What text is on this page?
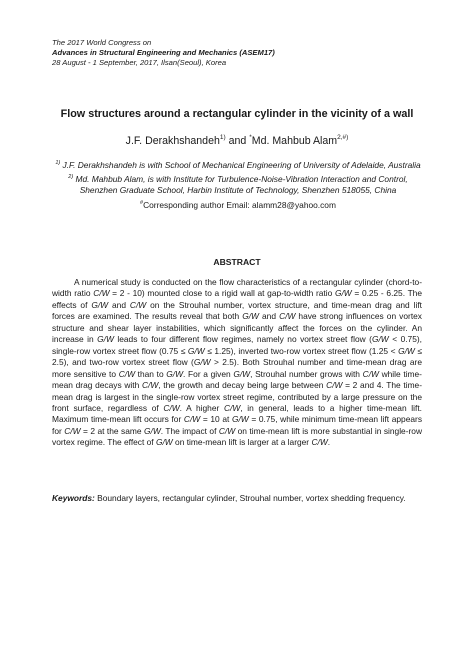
The 2017 World Congress on
Advances in Structural Engineering and Mechanics (ASEM17)
28 August - 1 September, 2017, Ilsan(Seoul), Korea
Flow structures around a rectangular cylinder in the vicinity of a wall
J.F. Derakhshandeh$^{1)}$ and *Md. Mahbub Alam$^{2,\#)}$

$^{1)}$ J.F. Derakhshandeh is with School of Mechanical Engineering of University of Adelaide, Australia

$^{2)}$ Md. Mahbub Alam, is with Institute for Turbulence-Noise-Vibration Interaction and Control, Shenzhen Graduate School, Harbin Institute of Technology, Shenzhen 518055, China

#Corresponding author Email: alamm28@yahoo.com

ABSTRACT

A numerical study is conducted on the flow characteristics of a rectangular cylinder (chord-to-width ratio C/W = 2 - 10) mounted close to a rigid wall at gap-to-width ratio G/W = 0.25 - 6.25. The effects of G/W and C/W on the Strouhal number, vortex structure, and time-mean drag and lift forces are examined. The results reveal that both G/W and C/W have strong influences on vortex structure and shear layer instabilities, which significantly affect the forces on the cylinder. An increase in G/W leads to four different flow regimes, namely no vortex street flow (G/W < 0.75), single-row vortex street flow (0.75 ≤ G/W ≤ 1.25), inverted two-row vortex street flow (1.25 < G/W ≤ 2.5), and two-row vortex street flow (G/W > 2.5). Both Strouhal number and time-mean drag are more sensitive to C/W than to G/W. For a given G/W, Strouhal number grows with C/W while time-mean drag decays with C/W, the growth and decay being large between C/W = 2 and 4. The time-mean drag is largest in the single-row vortex street regime, contributed by a large pressure on the front surface, regardless of C/W. A higher C/W, in general, leads to a higher time-mean lift. Maximum time-mean lift occurs for C/W = 10 at G/W = 0.75, while minimum time-mean lift appears for C/W = 2 at the same G/W. The impact of C/W on time-mean lift is more substantial in single-row vortex regime. The effect of G/W on time-mean lift is larger at a larger C/W.

Keywords: Boundary layers, rectangular cylinder, Strouhal number, vortex shedding frequency.
